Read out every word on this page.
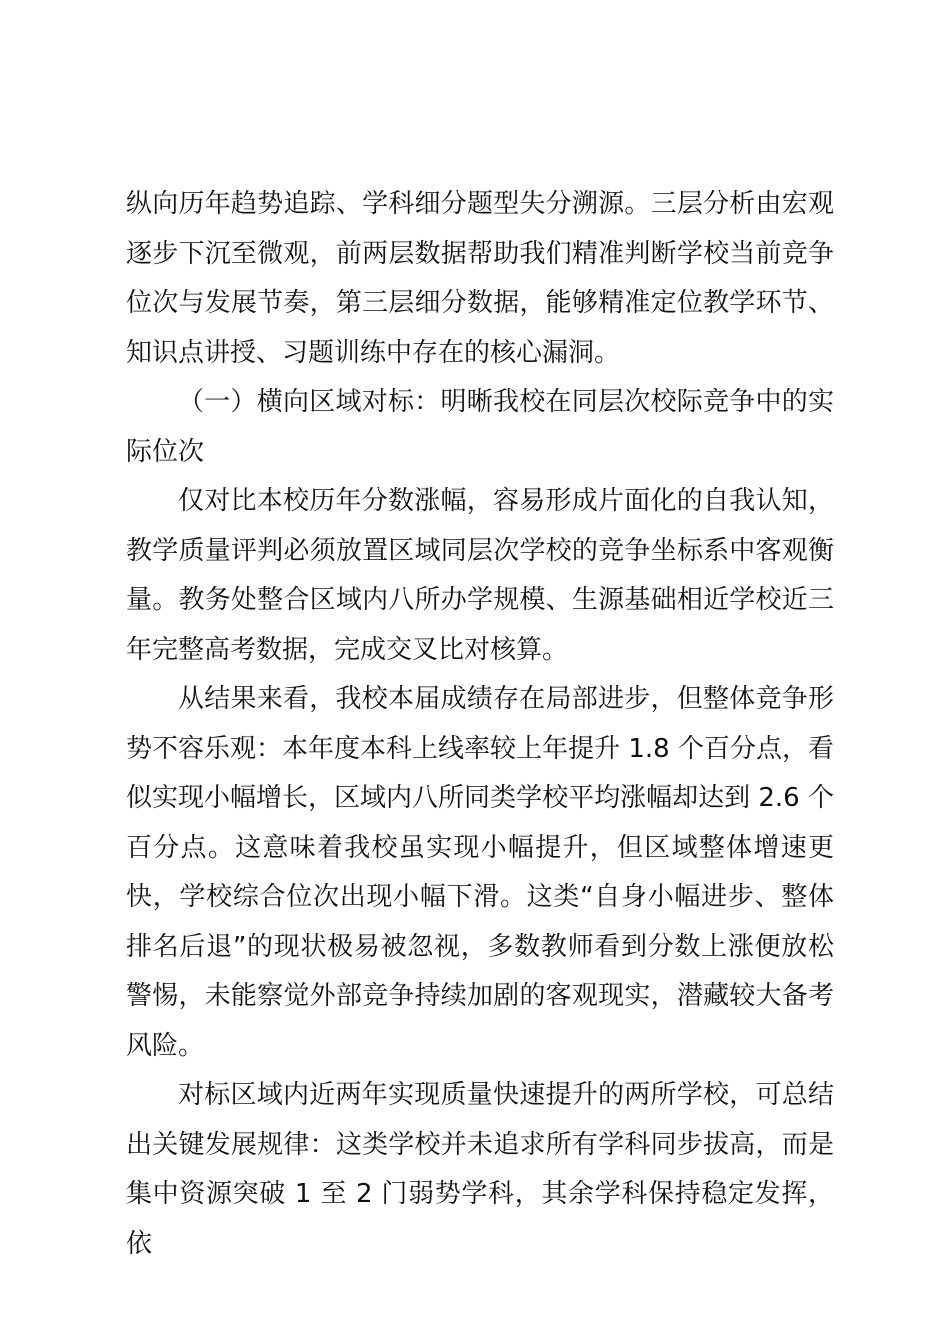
纵向历年趋势追踪、学科细分题型失分溯源。三层分析由宏观逐步下沉至微观，前两层数据帮助我们精准判断学校当前竞争位次与发展节奏，第三层细分数据，能够精准定位教学环节、知识点讲授、习题训练中存在的核心漏洞。

（一）横向区域对标：明晰我校在同层次校际竞争中的实际位次

仅对比本校历年分数涨幅，容易形成片面化的自我认知，教学质量评判必须放置区域同层次学校的竞争坐标系中客观衡量。教务处整合区域内八所办学规模、生源基础相近学校近三年完整高考数据，完成交叉比对核算。

从结果来看，我校本届成绩存在局部进步，但整体竞争形势不容乐观：本年度本科上线率较上年提升 1.8 个百分点，看似实现小幅增长，区域内八所同类学校平均涨幅却达到 2.6 个百分点。这意味着我校虽实现小幅提升，但区域整体增速更快，学校综合位次出现小幅下滑。这类“自身小幅进步、整体排名后退”的现状极易被忽视，多数教师看到分数上涨便放松警惕，未能察觉外部竞争持续加剧的客观现实，潜藏较大备考风险。

对标区域内近两年实现质量快速提升的两所学校，可总结出关键发展规律：这类学校并未追求所有学科同步拔高，而是集中资源突破 1 至 2 门弱势学科，其余学科保持稳定发挥，依
